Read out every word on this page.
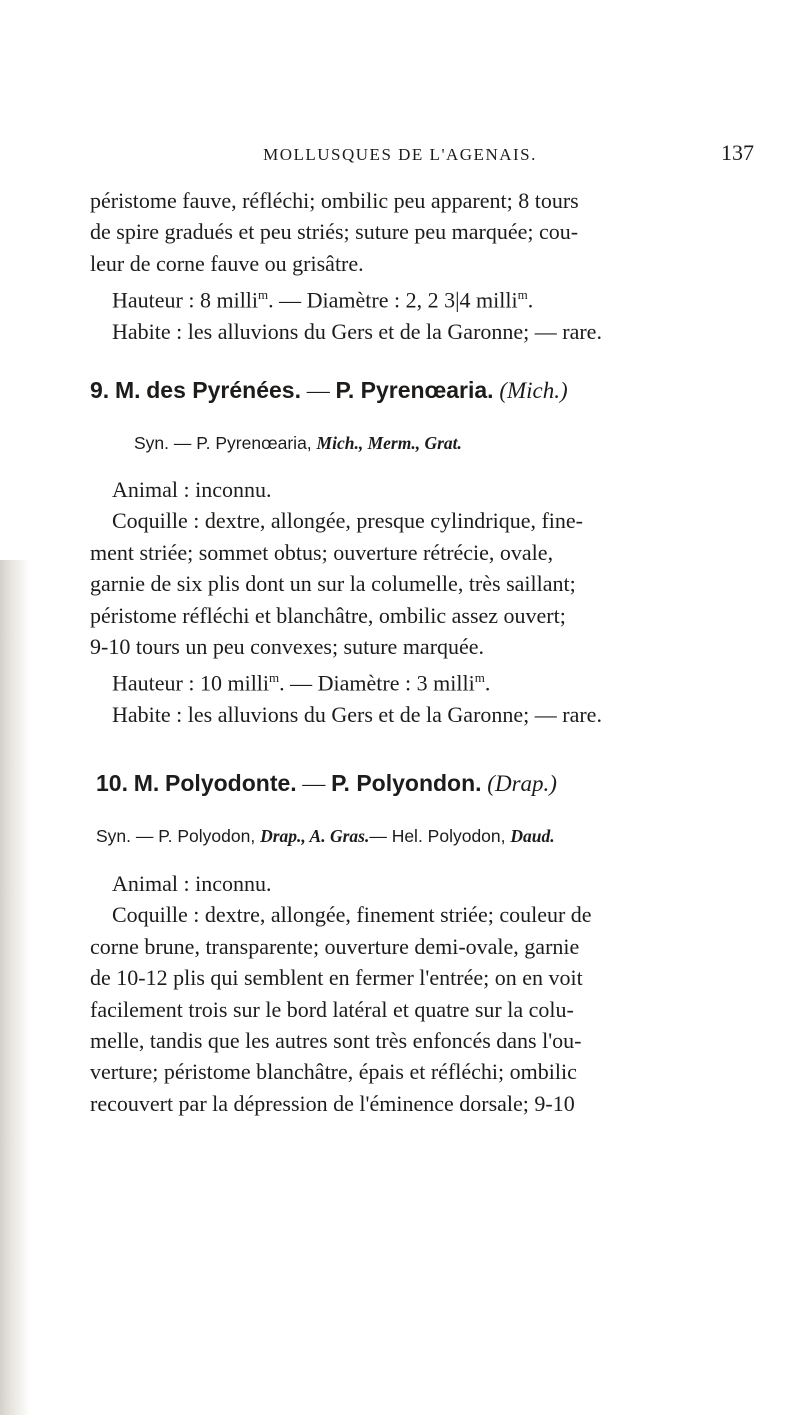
MOLLUSQUES DE L'AGENAIS.	137

péristome fauve, réfléchi; ombilic peu apparent; 8 tours

de spire gradués et peu striés; suture peu marquée; cou-

leur de corne fauve ou grisâtre.

Hauteur : 8 milli$^m$. — Diamètre : 2, 2 3|4 milli$^m$.

Habite : les alluvions du Gers et de la Garonne; — rare.

9. M. des Pyrénées. — P. Pyrenœaria. (Mich.)
Syn. — P. Pyrenœaria, Mich., Merm., Grat.

Animal : inconnu.

Coquille : dextre, allongée, presque cylindrique, fine-

ment striée; sommet obtus; ouverture rétrécie, ovale,

garnie de six plis dont un sur la columelle, très saillant;

péristome réfléchi et blanchâtre, ombilic assez ouvert;

9-10 tours un peu convexes; suture marquée.

Hauteur : 10 milli$^m$. — Diamètre : 3 milli$^m$.

Habite : les alluvions du Gers et de la Garonne; — rare.

10. M. Polyodonte. — P. Polyondon. (Drap.)
Syn. — P. Polyodon, Drap., A. Gras.— Hel. Polyodon, Daud.

Animal : inconnu.

Coquille : dextre, allongée, finement striée; couleur de

corne brune, transparente; ouverture demi-ovale, garnie

de 10-12 plis qui semblent en fermer l'entrée; on en voit

facilement trois sur le bord latéral et quatre sur la colu-

melle, tandis que les autres sont très enfoncés dans l'ou-

verture; péristome blanchâtre, épais et réfléchi; ombilic

recouvert par la dépression de l'éminence dorsale; 9-10
